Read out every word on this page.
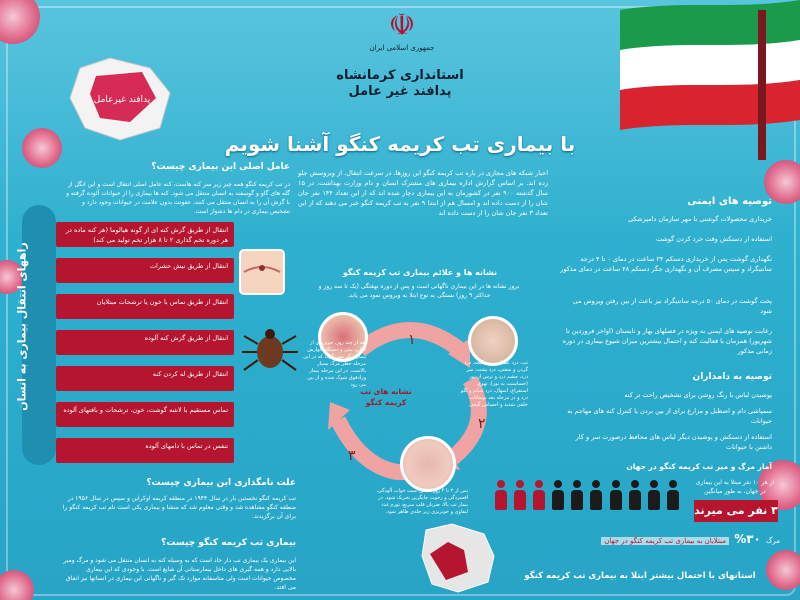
☫
جمهوری اسلامی ایران
استانداری کرمانشاه
پدافند غیر عامل
پدافند غیرعامل
با بیماری تب کریمه کنگو آشنا شویم
عامل اصلی این بیماری چیست؟
در تب کریمه کنگو همه چیز زیر سر کنه هاست، کنه عامل اصلی انتقال است و این انگل از گله های گاو و گوسفند به انسان منتقل می شود. کنه ها بیماری را از حیوانات آلوده گرفته و با گزش آن را به انسان منتقل می کنند، عفونت بدون علامت در حیوانات وجود دارد و تشخیص بیماری در دام ها دشوار است.
راههای انتقال بیماری به انسان
انتقال از طریق گزش کنه ای از گونه هیالوما (هر کنه ماده در هر دوره تخم گذاری ۲ تا ۸ هزار تخم تولید می کند)
انتقال از طریق نیش حشرات
انتقال از طریق تماس با خون یا ترشحات مبتلایان
انتقال از طریق گزش کنه آلوده
انتقال از طریق له کردن کنه
تماس مستقیم با لاشه گوشت، خون، ترشحات و بافتهای آلوده
تنفس در تماس با دامهای آلوده
علت نامگذاری این بیماری چیست؟
تب کریمه کنگو نخستین بار در سال ۱۹۴۴ در منطقه کریمه اوکراین و سپس در سال ۱۹۵۶ در منطقه کنگو مشاهده شد و وقتی معلوم شد که منشا و بیماری یکی است نام تب کریمه کنگو را برای آن برگزیدند.
بیماری تب کریمه کنگو چیست؟
این بیماری یک بیماری تب دار حاد است که به وسیله کنه به انسان منتقل می شود و مرگ ومیر بالایی دارد و همه گیری های داخل بیمارستانی آن شایع است. با وجودی که این بیماری مخصوص حیوانات است ولی متاسفانه موارد تک گیر و ناگهانی این بیماری در انسانها نیز اتفاق می افتد.
اخبار شبکه های مجازی در باره تب کریمه کنگو این روزها، در سرعت انتقال، از ویروسش جلو زده اند. بر اساس گزارش اداره بیماری های مشترک انسان و دام وزارت بهداشت، در ۱۵ سال گذشته ۹۰۰ نفر در کشورمان به این بیماری دچار شده اند که از این تعداد ۱۴۴ نفر جان شان را از دست داده اند و امسال هم از ابتدا ۹ نفر به تب کریمه کنگو خبر می دهند که از این تعداد ۳ نفر جان شان را از دست داده اند
نشانه ها و علائم بیماری تب کریمه کنگو
بروز نشانه ها در این بیماری ناگهانی است و پس از دوره نهفتگی (یک تا سه روز و حداکثر ۹ روز) بستگی به نوع ابتلا به ویروس نمود می یابد.
۱
۲
۳
نشانه های تب کریمه کنگو
تب، درد عضلانی، سرگیجه، درد گردن و سفتی، درد پشت، سر درد، چشم درد و ترس از نور (حساسیت به نور)، تهوع، استفراغ، اسهال، درد شکم و گلو درد و در مرحله بعد نوسانات خلقی شدید و احساس گیجی
پس از ۲ تا ۴ روز ممکن است خواب آلودگی، افسردگی و رخوت جایگزین تحریک شود. در بیمار تب بالا، ضربان قلب سریع، تورم غدد لنفاوی و خونریزی زیر جلدی ظاهر شود.
بعد از چند روز، خونریزی از دهان، بینی و دستگاه گوارش بیمار دیگر نمی گردد که در این مرحله خطر مرگ بسیار بالاست. در این مرحله بیمار ورادفوق شوک شده و از بین می رود
توصیه های ایمنی
خریداری محصولات گوشتی با مهر سازمان دامپزشکی
استفاده از دستکش وقت خرد کردن گوشت
نگهداری گوشت پس از خریداری دستکم ۲۴ ساعت در دمای ۰ تا ۴ درجه سانتیگراد و سپس مصرف آن و نگهداری جگر دستکم ۴۸ ساعت در دمای مذکور
پخت گوشت در دمای ۵۰ درجه سانتیگراد نیز باعث از بین رفتن ویروس می شود
رعایت توصیه های ایمنی به ویژه در فصلهای بهار و تابستان (اواخر فروردین تا شهریور) همزمان با فعالیت کنه و احتمال بیشترین میزان شیوع بیماری در دوره زمانی مذکور
توصیه به دامداران
پوشیدن لباس با رنگ روشن برای تشخیص راحت تر کنه
سمپاشی دام و اصطبل و مزارع برای از بین بردن یا کنترل کنه های مهاجم به حیوانات
استفاده از دستکش و پوشیدن دیگر لباس های محافظ درصورت سر و کار داشتن با حیوانات
آمار مرگ و میر تب کریمه کنگو در جهان

از هر ۱۰ نفر مبتلا به این بیماری
در جهان، به طور میانگین
۳ نفر می میرند
مرگ ۳۰% مبتلایان به بیماری تب کریمه کنگو در جهان
استانهای با احتمال بیشتر ابتلا به بیماری تب کریمه کنگو
